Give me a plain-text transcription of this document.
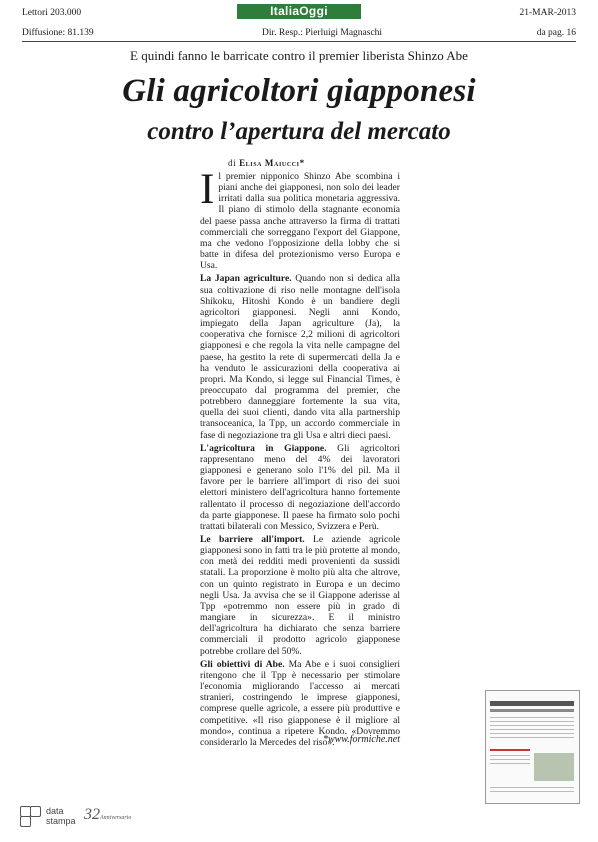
Lettori 203.000	ItaliaOggi	21-MAR-2013
Diffusione: 81.139	Dir. Resp.: Pierluigi Magnaschi	da pag. 16
E quindi fanno le barricate contro il premier liberista Shinzo Abe
Gli agricoltori giapponesi
contro l’apertura del mercato
di Elisa Maiucci*

Il premier nipponico Shinzo Abe scombina i piani anche dei giapponesi, non solo dei leader irritati dalla sua politica monetaria aggressiva. Il piano di stimolo della stagnante economia del paese passa anche attraverso la firma di trattati commerciali che sorreggano l'export del Giappone, ma che vedono l'opposizione della lobby che si batte in difesa del protezionismo verso Europa e Usa.

La Japan agriculture. Quando non si dedica alla sua coltivazione di riso nelle montagne dell'isola Shikoku, Hitoshi Kondo è un bandiere degli agricoltori giapponesi. Negli anni Kondo, impiegato della Japan agriculture (Ja), la cooperativa che fornisce 2,2 milioni di agricoltori giapponesi e che regola la vita nelle campagne del paese, ha gestito la rete di supermercati della Ja e ha venduto le assicurazioni della cooperativa ai propri. Ma Kondo, si legge sul Financial Times, è preoccupato dal programma del premier, che potrebbero danneggiare fortemente la sua vita, quella dei suoi clienti, dando vita alla partnership transoceanica, la Tpp, un accordo commerciale in fase di negoziazione tra gli Usa e altri dieci paesi.

L'agricoltura in Giappone. Gli agricoltori rappresentano meno del 4% dei lavoratori giapponesi e generano solo l'1% del pil. Ma il favore per le barriere all'import di riso dei suoi elettori ministero dell'agricoltura hanno fortemente rallentato il processo di negoziazione dell'accordo da parte giapponese. Il paese ha firmato solo pochi trattati bilaterali con Messico, Svizzera e Perù.

Le barriere all'import. Le aziende agricole giapponesi sono in fatti tra le più protette al mondo, con metà dei redditi medi provenienti da sussidi statali. La proporzione è molto più alta che altrove, con un quinto registrato in Europa e un decimo negli Usa. Ja avvisa che se il Giappone aderisse al Tpp «potremmo non essere più in grado di mangiare in sicurezza». E il ministro dell'agricoltura ha dichiarato che senza barriere commerciali il prodotto agricolo giapponese potrebbe crollare del 50%.

Gli obiettivi di Abe. Ma Abe e i suoi consiglieri ritengono che il Tpp è necessario per stimolare l'economia migliorando l'accesso ai mercati stranieri, costringendo le imprese giapponesi, comprese quelle agricole, a essere più produttive e competitive. «Il riso giapponese è il migliore al mondo», continua a ripetere Kondo. «Dovremmo considerarlo la Mercedes del riso».

*www.formiche.net
data
stampa 32Anniversario
